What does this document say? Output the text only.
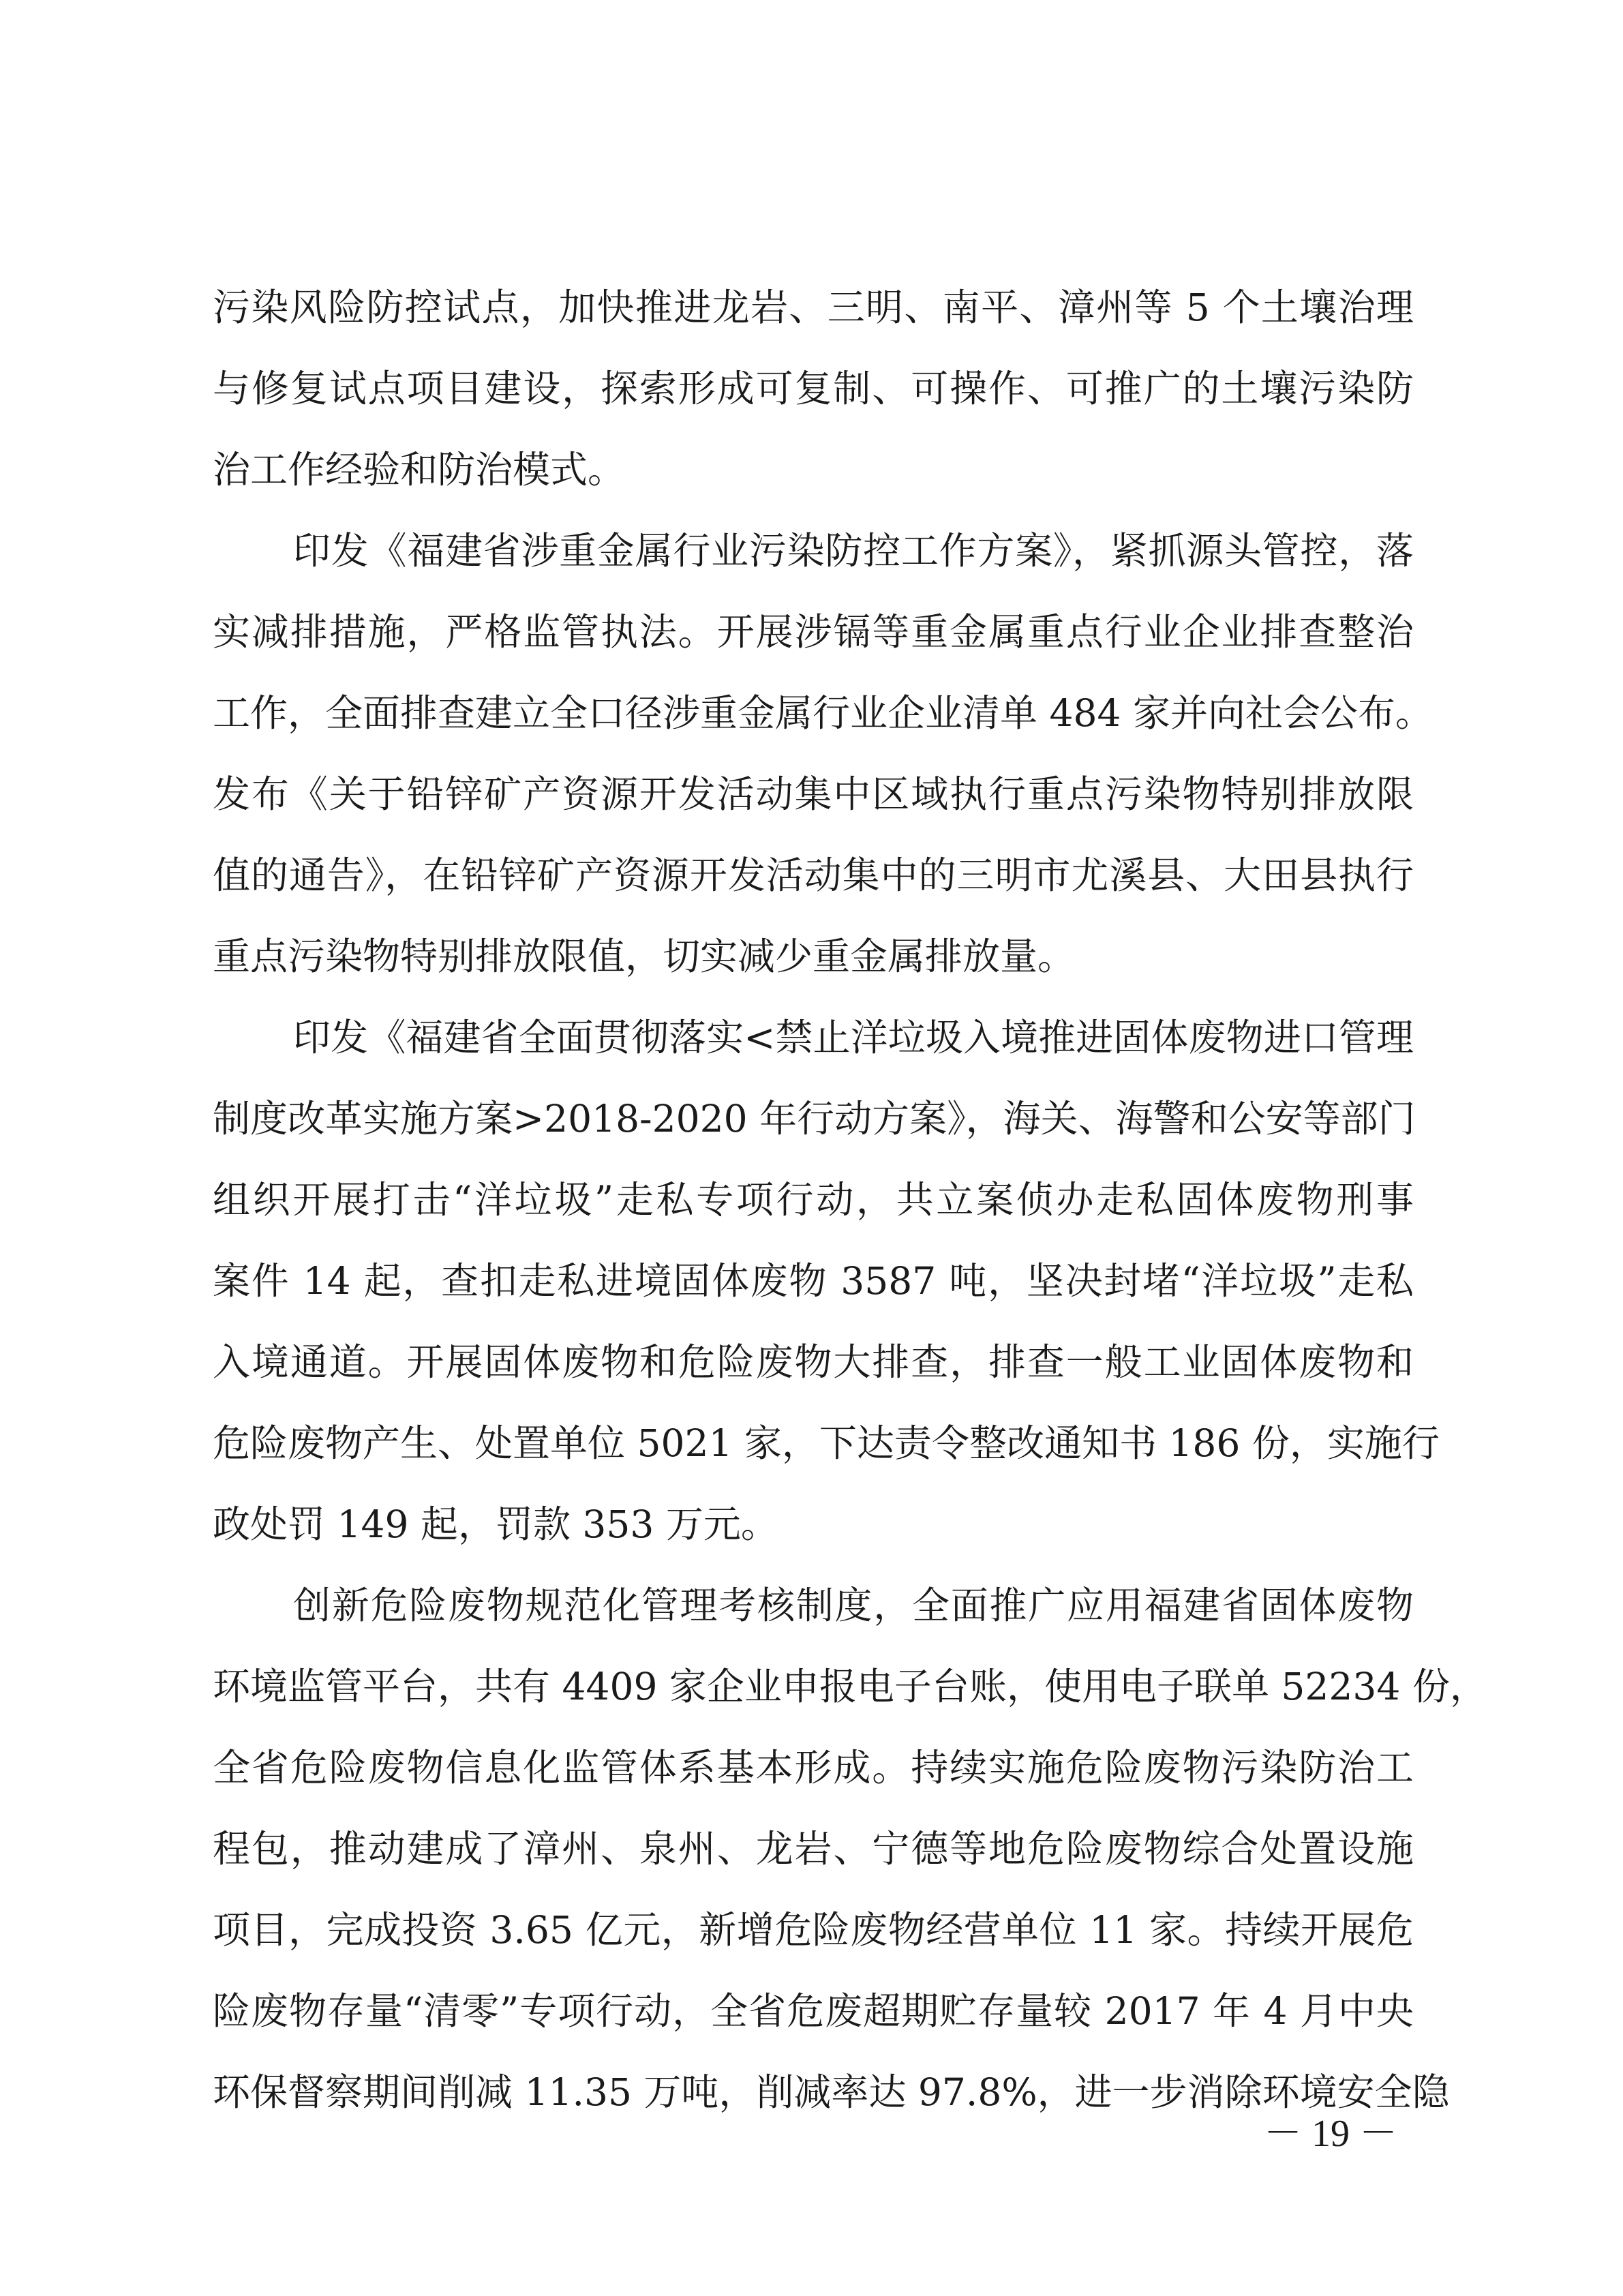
污染风险防控试点，加快推进龙岩、三明、南平、漳州等 5 个土壤治理
与修复试点项目建设，探索形成可复制、可操作、可推广的土壤污染防
治工作经验和防治模式。

印发《福建省涉重金属行业污染防控工作方案》，紧抓源头管控，落
实减排措施，严格监管执法。开展涉镉等重金属重点行业企业排查整治
工作，全面排查建立全口径涉重金属行业企业清单 484 家并向社会公布。
发布《关于铅锌矿产资源开发活动集中区域执行重点污染物特别排放限
值的通告》，在铅锌矿产资源开发活动集中的三明市尤溪县、大田县执行
重点污染物特别排放限值，切实减少重金属排放量。

印发《福建省全面贯彻落实<禁止洋垃圾入境推进固体废物进口管理
制度改革实施方案>2018-2020 年行动方案》，海关、海警和公安等部门
组织开展打击“洋垃圾”走私专项行动，共立案侦办走私固体废物刑事
案件 14 起，查扣走私进境固体废物 3587 吨，坚决封堵“洋垃圾”走私
入境通道。开展固体废物和危险废物大排查，排查一般工业固体废物和
危险废物产生、处置单位 5021 家，下达责令整改通知书 186 份，实施行
政处罚 149 起，罚款 353 万元。

创新危险废物规范化管理考核制度，全面推广应用福建省固体废物
环境监管平台，共有 4409 家企业申报电子台账，使用电子联单 52234 份，
全省危险废物信息化监管体系基本形成。持续实施危险废物污染防治工
程包，推动建成了漳州、泉州、龙岩、宁德等地危险废物综合处置设施
项目，完成投资 3.65 亿元，新增危险废物经营单位 11 家。持续开展危
险废物存量“清零”专项行动，全省危废超期贮存量较 2017 年 4 月中央
环保督察期间削减 11.35 万吨，削减率达 97.8%，进一步消除环境安全隐

－ 19 －
